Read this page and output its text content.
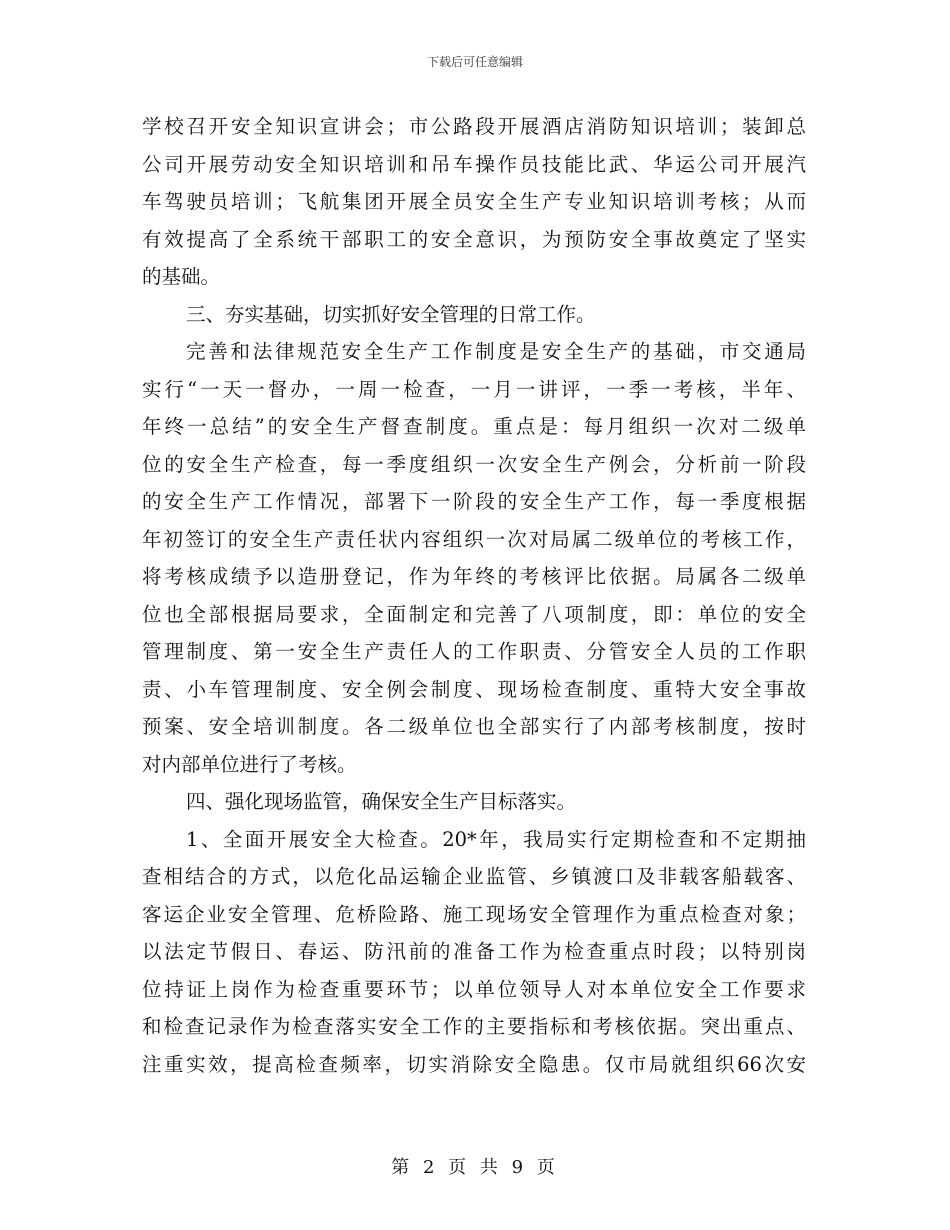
下载后可任意编辑
学校召开安全知识宣讲会；市公路段开展酒店消防知识培训；装卸总
公司开展劳动安全知识培训和吊车操作员技能比武、华运公司开展汽
车驾驶员培训；飞航集团开展全员安全生产专业知识培训考核；从而
有效提高了全系统干部职工的安全意识，为预防安全事故奠定了坚实
的基础。
三、夯实基础，切实抓好安全管理的日常工作。
完善和法律规范安全生产工作制度是安全生产的基础，市交通局
实行“一天一督办，一周一检查，一月一讲评，一季一考核，半年、
年终一总结”的安全生产督查制度。重点是：每月组织一次对二级单
位的安全生产检查，每一季度组织一次安全生产例会，分析前一阶段
的安全生产工作情况，部署下一阶段的安全生产工作，每一季度根据
年初签订的安全生产责任状内容组织一次对局属二级单位的考核工作，
将考核成绩予以造册登记，作为年终的考核评比依据。局属各二级单
位也全部根据局要求，全面制定和完善了八项制度，即：单位的安全
管理制度、第一安全生产责任人的工作职责、分管安全人员的工作职
责、小车管理制度、安全例会制度、现场检查制度、重特大安全事故
预案、安全培训制度。各二级单位也全部实行了内部考核制度，按时
对内部单位进行了考核。
四、强化现场监管，确保安全生产目标落实。
1、全面开展安全大检查。20*年，我局实行定期检查和不定期抽
查相结合的方式，以危化品运输企业监管、乡镇渡口及非载客船载客、
客运企业安全管理、危桥险路、施工现场安全管理作为重点检查对象；
以法定节假日、春运、防汛前的准备工作为检查重点时段；以特别岗
位持证上岗作为检查重要环节；以单位领导人对本单位安全工作要求
和检查记录作为检查落实安全工作的主要指标和考核依据。突出重点、
注重实效，提高检查频率，切实消除安全隐患。仅市局就组织66次安
第 2 页 共 9 页
